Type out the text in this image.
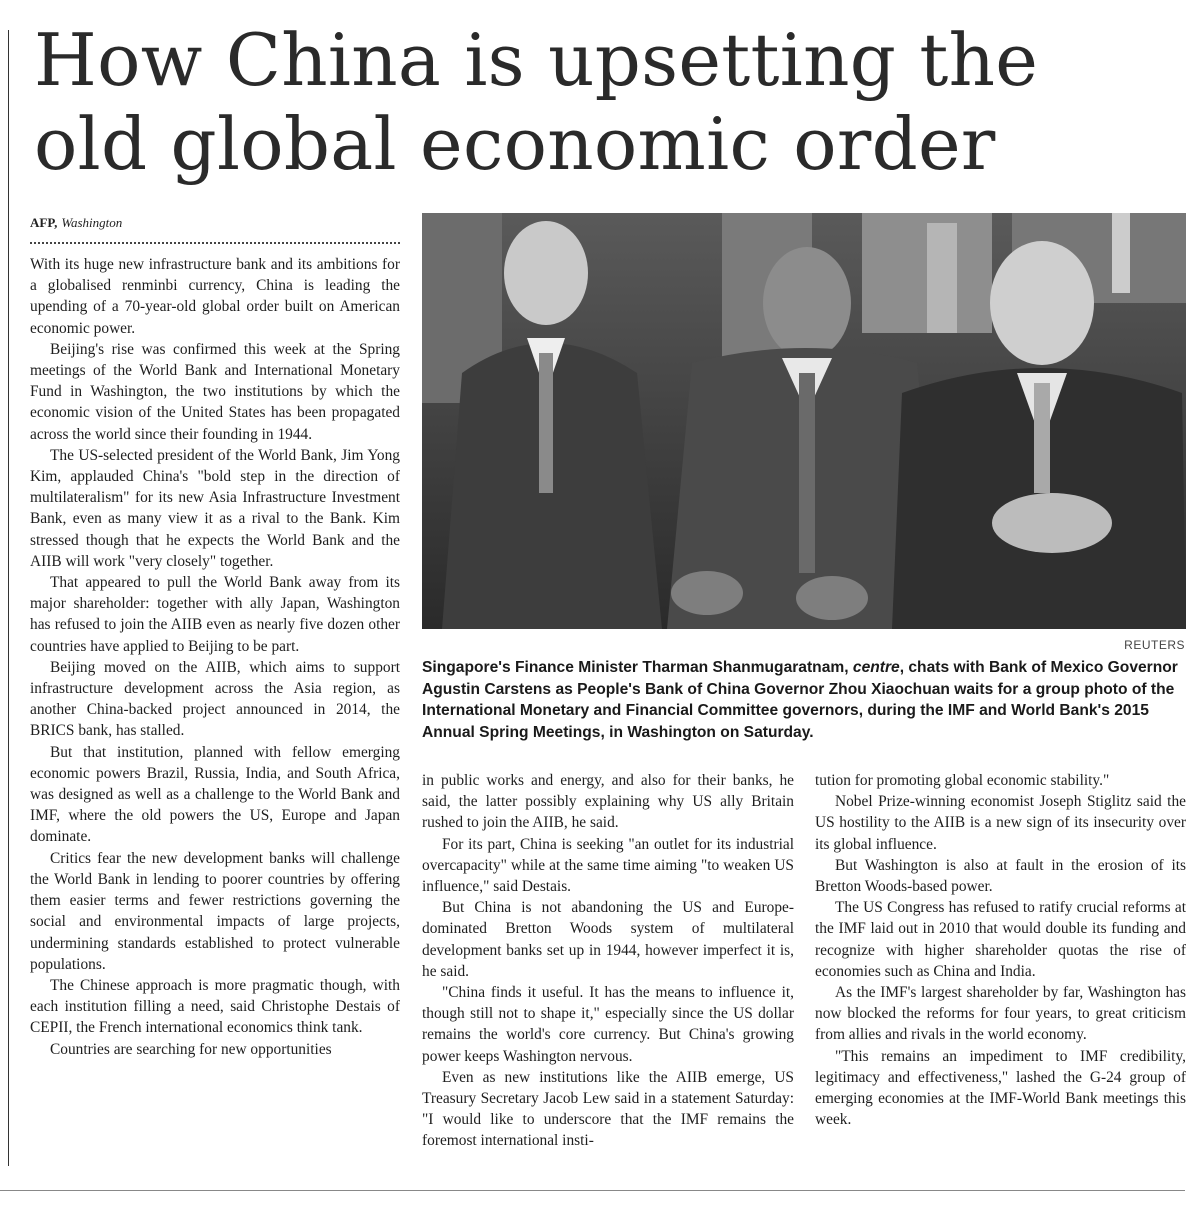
How China is upsetting the old global economic order
AFP, Washington

With its huge new infrastructure bank and its ambitions for a globalised renminbi currency, China is leading the upending of a 70-year-old global order built on American economic power.

Beijing's rise was confirmed this week at the Spring meetings of the World Bank and International Monetary Fund in Washington, the two institutions by which the economic vision of the United States has been propagated across the world since their founding in 1944.

The US-selected president of the World Bank, Jim Yong Kim, applauded China's "bold step in the direction of multilateralism" for its new Asia Infrastructure Investment Bank, even as many view it as a rival to the Bank. Kim stressed though that he expects the World Bank and the AIIB will work "very closely" together.

That appeared to pull the World Bank away from its major shareholder: together with ally Japan, Washington has refused to join the AIIB even as nearly five dozen other countries have applied to Beijing to be part.

Beijing moved on the AIIB, which aims to support infrastructure development across the Asia region, as another China-backed project announced in 2014, the BRICS bank, has stalled.

But that institution, planned with fellow emerging economic powers Brazil, Russia, India, and South Africa, was designed as well as a challenge to the World Bank and IMF, where the old powers the US, Europe and Japan dominate.

Critics fear the new development banks will challenge the World Bank in lending to poorer countries by offering them easier terms and fewer restrictions governing the social and environmental impacts of large projects, undermining standards established to protect vulnerable populations.

The Chinese approach is more pragmatic though, with each institution filling a need, said Christophe Destais of CEPII, the French international economics think tank.

Countries are searching for new opportunities

REUTERS
Singapore's Finance Minister Tharman Shanmugaratnam, centre, chats with Bank of Mexico Governor Agustin Carstens as People's Bank of China Governor Zhou Xiaochuan waits for a group photo of the International Monetary and Financial Committee governors, during the IMF and World Bank's 2015 Annual Spring Meetings, in Washington on Saturday.

in public works and energy, and also for their banks, he said, the latter possibly explaining why US ally Britain rushed to join the AIIB, he said.

For its part, China is seeking "an outlet for its industrial overcapacity" while at the same time aiming "to weaken US influence," said Destais.

But China is not abandoning the US and Europe-dominated Bretton Woods system of multilateral development banks set up in 1944, however imperfect it is, he said.

"China finds it useful. It has the means to influence it, though still not to shape it," especially since the US dollar remains the world's core currency. But China's growing power keeps Washington nervous.

Even as new institutions like the AIIB emerge, US Treasury Secretary Jacob Lew said in a statement Saturday: "I would like to underscore that the IMF remains the foremost international insti-

tution for promoting global economic stability."

Nobel Prize-winning economist Joseph Stiglitz said the US hostility to the AIIB is a new sign of its insecurity over its global influence.

But Washington is also at fault in the erosion of its Bretton Woods-based power.

The US Congress has refused to ratify crucial reforms at the IMF laid out in 2010 that would double its funding and recognize with higher shareholder quotas the rise of economies such as China and India.

As the IMF's largest shareholder by far, Washington has now blocked the reforms for four years, to great criticism from allies and rivals in the world economy.

"This remains an impediment to IMF credibility, legitimacy and effectiveness," lashed the G-24 group of emerging economies at the IMF-World Bank meetings this week.
